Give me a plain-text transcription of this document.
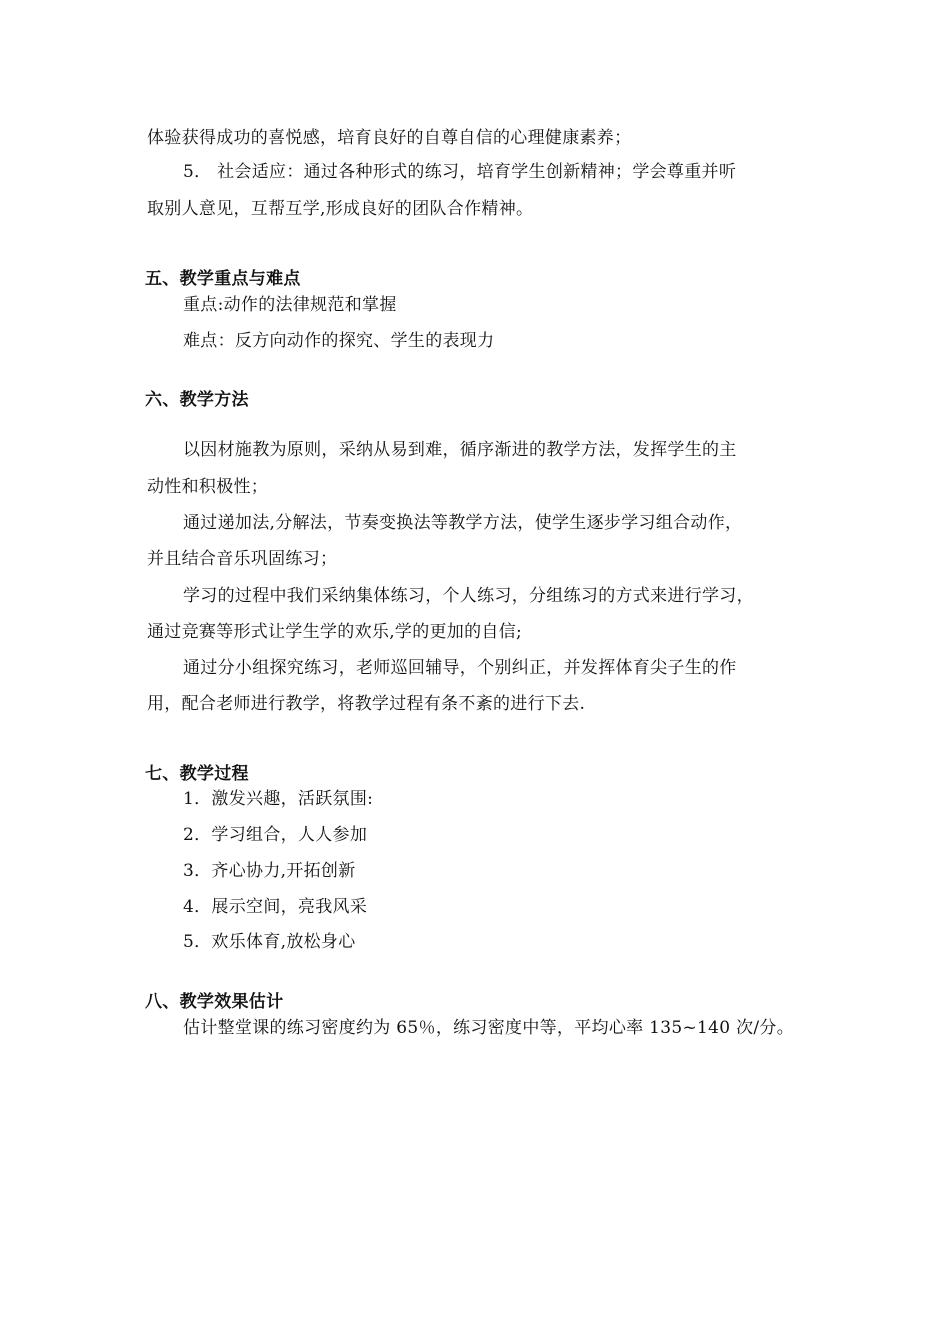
体验获得成功的喜悦感，培育良好的自尊自信的心理健康素养；
5． 社会适应：通过各种形式的练习，培育学生创新精神；学会尊重并听
取别人意见，互帮互学,形成良好的团队合作精神。
五、教学重点与难点
重点:动作的法律规范和掌握
难点：反方向动作的探究、学生的表现力
六、教学方法
以因材施教为原则，采纳从易到难，循序渐进的教学方法，发挥学生的主
动性和积极性；
通过递加法,分解法，节奏变换法等教学方法，使学生逐步学习组合动作，
并且结合音乐巩固练习；
学习的过程中我们采纳集体练习，个人练习，分组练习的方式来进行学习，
通过竞赛等形式让学生学的欢乐,学的更加的自信;
通过分小组探究练习，老师巡回辅导，个别纠正，并发挥体育尖子生的作
用，配合老师进行教学，将教学过程有条不紊的进行下去.
七、教学过程
1．激发兴趣，活跃氛围:
2．学习组合，人人参加
3．齐心协力,开拓创新
4．展示空间，亮我风采
5．欢乐体育,放松身心
八、教学效果估计
估计整堂课的练习密度约为 65％，练习密度中等，平均心率 135~140 次/分。
